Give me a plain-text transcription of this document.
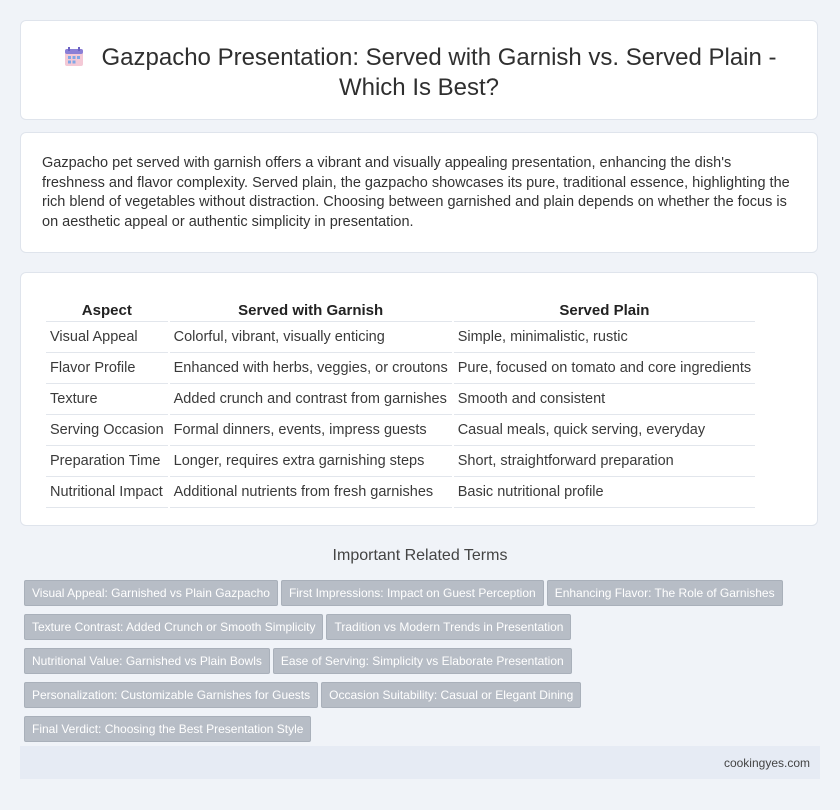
Gazpacho Presentation: Served with Garnish vs. Served Plain -
Which Is Best?

Gazpacho pet served with garnish offers a vibrant and visually appealing presentation, enhancing the dish's freshness and flavor complexity. Served plain, the gazpacho showcases its pure, traditional essence, highlighting the rich blend of vegetables without distraction. Choosing between garnished and plain depends on whether the focus is on aesthetic appeal or authentic simplicity in presentation.

Aspect	Served with Garnish	Served Plain
Visual Appeal	Colorful, vibrant, visually enticing	Simple, minimalistic, rustic
Flavor Profile	Enhanced with herbs, veggies, or croutons	Pure, focused on tomato and core ingredients
Texture	Added crunch and contrast from garnishes	Smooth and consistent
Serving Occasion	Formal dinners, events, impress guests	Casual meals, quick serving, everyday
Preparation Time	Longer, requires extra garnishing steps	Short, straightforward preparation
Nutritional Impact	Additional nutrients from fresh garnishes	Basic nutritional profile
Important Related Terms
Visual Appeal: Garnished vs Plain Gazpacho First Impressions: Impact on Guest Perception Enhancing Flavor: The Role of Garnishes
Texture Contrast: Added Crunch or Smooth Simplicity Tradition vs Modern Trends in Presentation
Nutritional Value: Garnished vs Plain Bowls Ease of Serving: Simplicity vs Elaborate Presentation
Personalization: Customizable Garnishes for Guests Occasion Suitability: Casual or Elegant Dining
Final Verdict: Choosing the Best Presentation Style
cookingyes.com
